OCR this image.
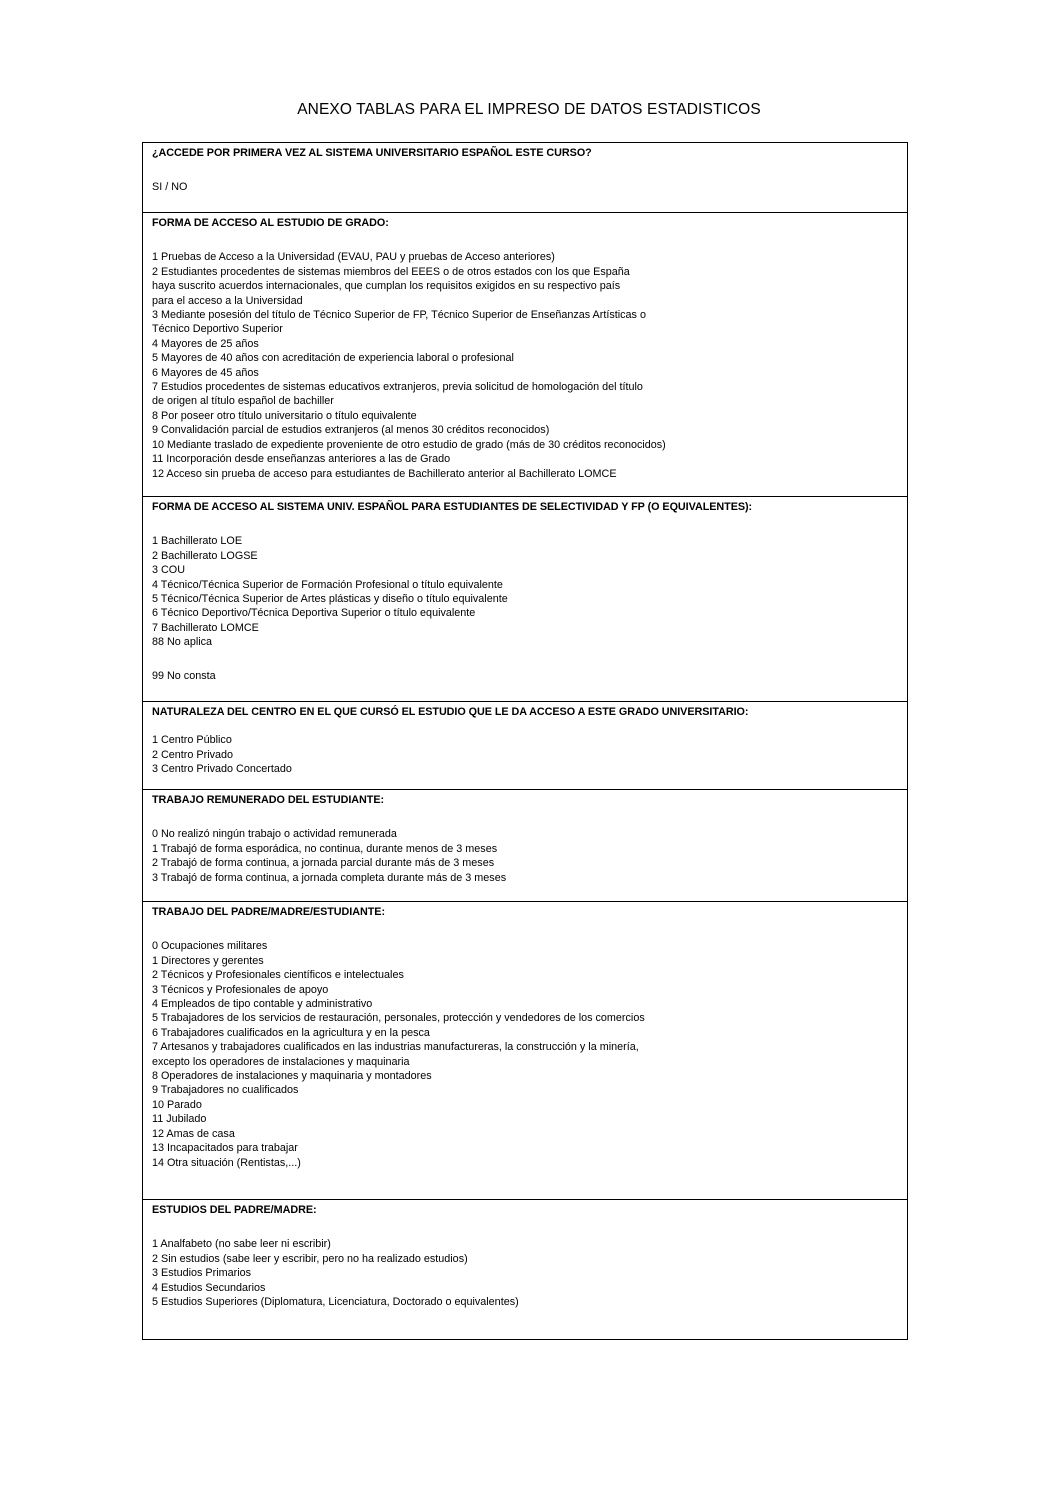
ANEXO TABLAS PARA EL IMPRESO DE DATOS ESTADISTICOS
¿ACCEDE POR PRIMERA VEZ AL SISTEMA UNIVERSITARIO ESPAÑOL ESTE CURSO?
SI / NO
FORMA DE ACCESO AL ESTUDIO DE GRADO:
1 Pruebas de Acceso a la Universidad (EVAU, PAU y pruebas de Acceso anteriores)
2 Estudiantes procedentes de sistemas miembros del EEES o de otros estados con los que España
haya suscrito acuerdos internacionales, que cumplan los requisitos exigidos en su respectivo país
para el acceso a la Universidad
3 Mediante posesión del título de Técnico Superior de FP, Técnico Superior de Enseñanzas Artísticas o
Técnico Deportivo Superior
4 Mayores de 25 años
5 Mayores de 40 años con acreditación de experiencia laboral o profesional
6 Mayores de 45 años
7 Estudios procedentes de sistemas educativos extranjeros, previa solicitud de homologación del título
de origen al título español de bachiller
8 Por poseer otro título universitario o título equivalente
9 Convalidación parcial de estudios extranjeros (al menos 30 créditos reconocidos)
10 Mediante traslado de expediente proveniente de otro estudio de grado (más de 30 créditos reconocidos)
11 Incorporación desde enseñanzas anteriores a las de Grado
12 Acceso sin prueba de acceso para estudiantes de Bachillerato anterior al Bachillerato LOMCE
FORMA DE ACCESO AL SISTEMA UNIV. ESPAÑOL PARA ESTUDIANTES DE SELECTIVIDAD Y FP (O EQUIVALENTES):
1 Bachillerato LOE
2 Bachillerato LOGSE
3 COU
4 Técnico/Técnica Superior de Formación Profesional o título equivalente
5 Técnico/Técnica Superior de Artes plásticas y diseño o título equivalente
6 Técnico Deportivo/Técnica Deportiva Superior o título equivalente
7 Bachillerato LOMCE
88 No aplica
99 No consta
NATURALEZA DEL CENTRO EN EL QUE CURSÓ EL ESTUDIO QUE LE DA ACCESO A ESTE GRADO UNIVERSITARIO:
1 Centro Público
2 Centro Privado
3 Centro Privado Concertado
TRABAJO REMUNERADO DEL ESTUDIANTE:
0 No realizó ningún trabajo o actividad remunerada
1 Trabajó de forma esporádica, no continua, durante menos de 3 meses
2 Trabajó de forma continua, a jornada parcial durante más de 3 meses
3 Trabajó de forma continua, a jornada completa durante más de 3 meses
TRABAJO DEL PADRE/MADRE/ESTUDIANTE:
0 Ocupaciones militares
1 Directores y gerentes
2 Técnicos y Profesionales científicos e intelectuales
3 Técnicos y Profesionales de apoyo
4 Empleados de tipo contable y administrativo
5 Trabajadores de los servicios de restauración, personales, protección y vendedores de los comercios
6 Trabajadores cualificados en la agricultura y en la pesca
7 Artesanos y trabajadores cualificados en las industrias manufactureras, la construcción y la minería,
excepto los operadores de instalaciones y maquinaria
8 Operadores de instalaciones y maquinaria y montadores
9 Trabajadores no cualificados
10 Parado
11 Jubilado
12 Amas de casa
13 Incapacitados para trabajar
14 Otra situación (Rentistas,...)
ESTUDIOS DEL PADRE/MADRE:
1 Analfabeto (no sabe leer ni escribir)
2 Sin estudios (sabe leer y escribir, pero no ha realizado estudios)
3 Estudios Primarios
4 Estudios Secundarios
5 Estudios Superiores (Diplomatura, Licenciatura, Doctorado o equivalentes)
